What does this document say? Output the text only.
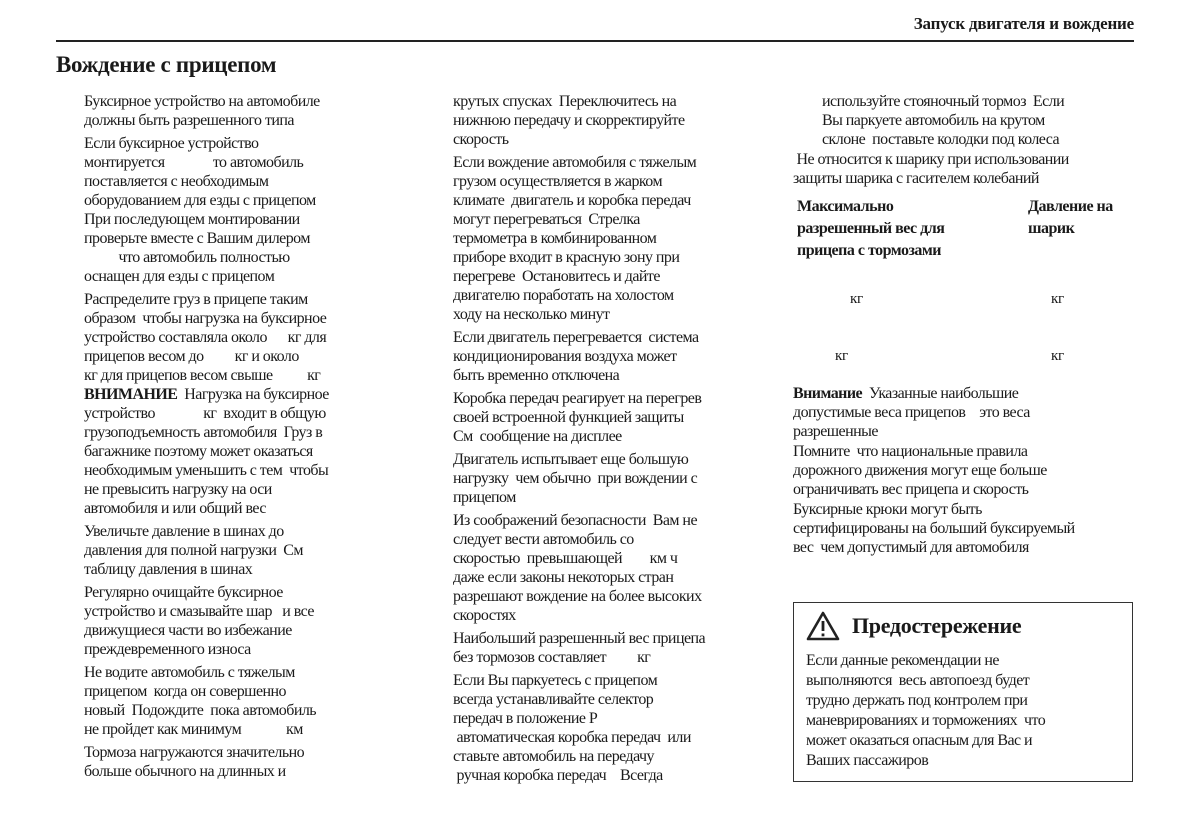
Запуск двигателя и вождение
Вождение с прицепом
Буксирное устройство на автомобиле
должны быть разрешенного типа
Если буксирное устройство
монтируется              то автомобиль
поставляется с необходимым
оборудованием для езды с прицепом
При последующем монтировании
проверьте вместе с Вашим дилером
что автомобиль полностью
оснащен для езды с прицепом
Распределите груз в прицепе таким
образом  чтобы нагрузка на буксирное
устройство составляла около      кг для
прицепов весом до         кг и около
кг для прицепов весом свыше          кг
ВНИМАНИЕ  Нагрузка на буксирное
устройство              кг  входит в общую
грузоподъемность автомобиля  Груз в
багажнике поэтому может оказаться
необходимым уменьшить с тем  чтобы
не превысить нагрузку на оси
автомобиля и или общий вес
Увеличьте давление в шинах до
давления для полной нагрузки  См
таблицу давления в шинах
Регулярно очищайте буксирное
устройство и смазывайте шар   и все
движущиеся части во избежание
преждевременного износа
Не водите автомобиль с тяжелым
прицепом  когда он совершенно
новый  Подождите  пока автомобиль
не пройдет как минимум             км
Тормоза нагружаются значительно
больше обычного на длинных и
крутых спусках  Переключитесь на
нижнюю передачу и скорректируйте
скорость
Если вождение автомобиля с тяжелым
грузом осуществляется в жарком
климате  двигатель и коробка передач
могут перегреваться  Стрелка
термометра в комбинированном
приборе входит в красную зону при
перегреве  Остановитесь и дайте
двигателю поработать на холостом
ходу на несколько минут
Если двигатель перегревается  система
кондиционирования воздуха может
быть временно отключена
Коробка передач реагирует на перегрев
своей встроенной функцией защиты
См  сообщение на дисплее
Двигатель испытывает еще большую
нагрузку  чем обычно  при вождении с
прицепом
Из соображений безопасности  Вам не
следует вести автомобиль со
скоростью  превышающей        км ч
даже если законы некоторых стран
разрешают вождение на более высоких
скоростях
Наибольший разрешенный вес прицепа
без тормозов составляет         кг
Если Вы паркуетесь с прицепом
всегда устанавливайте селектор
передач в положение Р
автоматическая коробка передач  или
ставьте автомобиль на передачу
ручная коробка передач    Всегда
используйте стояночный тормоз  Если
Вы паркуете автомобиль на крутом
склоне  поставьте колодки под колеса
Не относится к шарику при использовании
защиты шарика с гасителем колебаний
Максимально
разрешенный вес для
прицепа с тормозами
Давление на
шарик
кг	кг
кг	кг
Внимание  Указанные наибольшие
допустимые веса прицепов    это веса
разрешенные
Помните  что национальные правила
дорожного движения могут еще больше
ограничивать вес прицепа и скорость
Буксирные крюки могут быть
сертифицированы на больший буксируемый
вес  чем допустимый для автомобиля
Предостережение
Если данные рекомендации не
выполняются  весь автопоезд будет
трудно держать под контролем при
маневрированиях и торможениях  что
может оказаться опасным для Вас и
Ваших пассажиров
